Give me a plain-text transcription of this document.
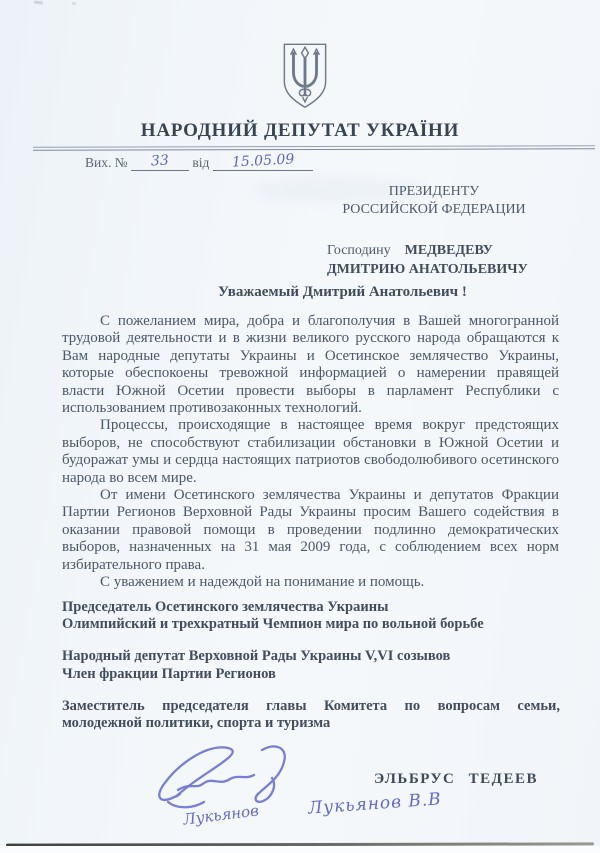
НАРОДНИЙ ДЕПУТАТ УКРАЇНИ
Вих. № 33 від 15.05.09
ПРЕЗИДЕНТУ
РОССИЙСКОЙ ФЕДЕРАЦИИ
Господину МЕДВЕДЕВУ
ДМИТРИЮ АНАТОЛЬЕВИЧУ
Уважаемый Дмитрий Анатольевич !

С пожеланием мира, добра и благополучия в Вашей многогранной трудовой деятельности и в жизни великого русского народа обращаются к Вам народные депутаты Украины и Осетинское землячество Украины, которые обеспокоены тревожной информацией о намерении правящей власти Южной Осетии провести выборы в парламент Республики с использованием противозаконных технологий.

Процессы, происходящие в настоящее время вокруг предстоящих выборов, не способствуют стабилизации обстановки в Южной Осетии и будоражат умы и сердца настоящих патриотов свободолюбивого осетинского народа во всем мире.

От имени Осетинского землячества Украины и депутатов Фракции Партии Регионов Верховной Рады Украины просим Вашего содействия в оказании правовой помощи в проведении подлинно демократических выборов, назначенных на 31 мая 2009 года, с соблюдением всех норм избирательного права.

С уважением и надеждой на понимание и помощь.

Председатель Осетинского землячества Украины
Олимпийский и трехкратный Чемпион мира по вольной борьбе
Народный депутат Верховной Рады Украины V,VI созывов
Член фракции Партии Регионов
Заместитель председателя главы Комитета по вопросам семьи, молодежной политики, спорта и туризма
ЭЛЬБРУС ТЕДЕЕВ
Лукьянов	Лукьянов В.В
